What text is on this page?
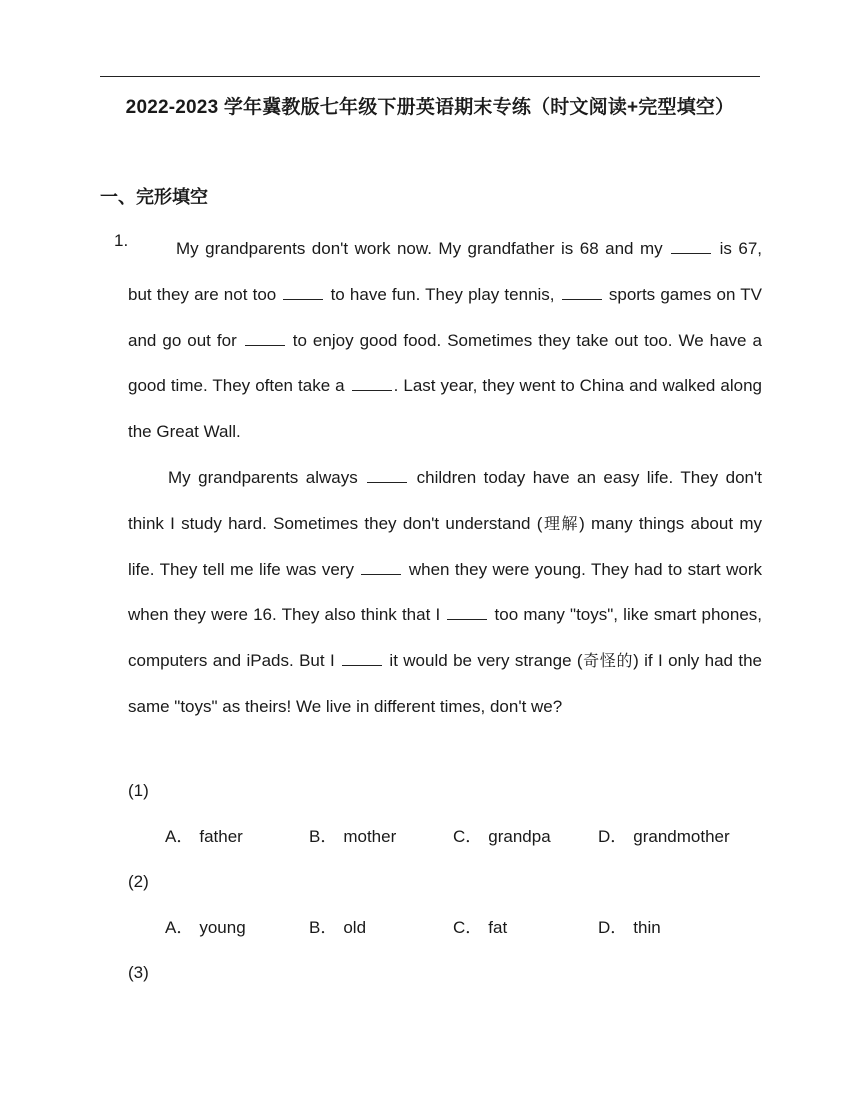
2022-2023 学年冀教版七年级下册英语期末专练（时文阅读+完型填空）
一、完形填空
1.	My grandparents don't work now. My grandfather is 68 and my	is 67, but they are not too	to have fun. They play tennis,	sports games on TV and go out for	to enjoy good food. Sometimes they take out too. We have a good time. They often take a	. Last year, they went to China and walked along the Great Wall.

My grandparents always	children today have an easy life. They don't think I study hard. Sometimes they don't understand (理解) many things about my life. They tell me life was very	when they were young. They had to start work when they were 16. They also think that I	too many "toys", like smart phones, computers and iPads. But I	it would be very strange (奇怪的) if I only had the same "toys" as theirs! We live in different times, don't we?

(1)
A． father	B． mother	C． grandpa	D． grandmother
(2)
A． young	B． old	C． fat	D． thin
(3)
